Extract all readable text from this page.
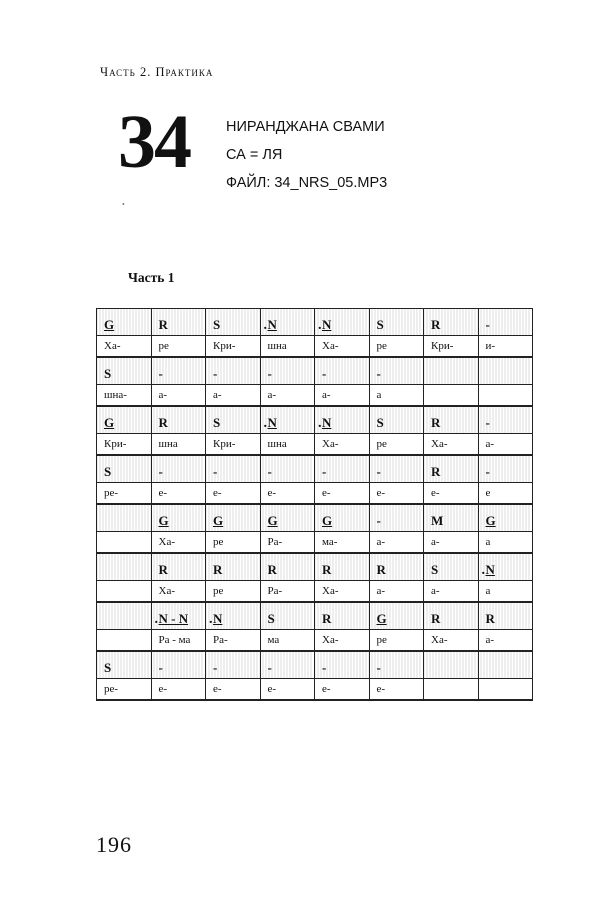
Часть 2. Практика
34 НИРАНДЖАНА СВАМИ
СА = ЛЯ
ФАЙЛ: 34_NRS_05.MP3
•
Часть 1
G	R	S	N .	N .	S	R	-
Ха-	ре	Кри-	шна	Ха-	ре	Кри-	и-
S	-	-	-	-	-		
шна-	а-	а-	а-	а-	а		
G	R	S	N .	N .	S	R	-
Кри-	шна	Кри-	шна	Ха-	ре	Ха-	а-
S	-	-	-	-	-	R	-
ре-	е-	е-	е-	е-	е-	е-	е
	G	G	G	G	-	M	G
	Ха-	ре	Ра-	ма-	а-	а-	а
	R	R	R	R	R	S	N .
	Ха-	ре	Ра-	Ха-	а-	а-	а
	N - N .	N .	S	R	G	R	R
	Ра - ма	Ра-	ма	Ха-	ре	Ха-	а-
S	-	-	-	-	-		
ре-	е-	е-	е-	е-	е-		
196
